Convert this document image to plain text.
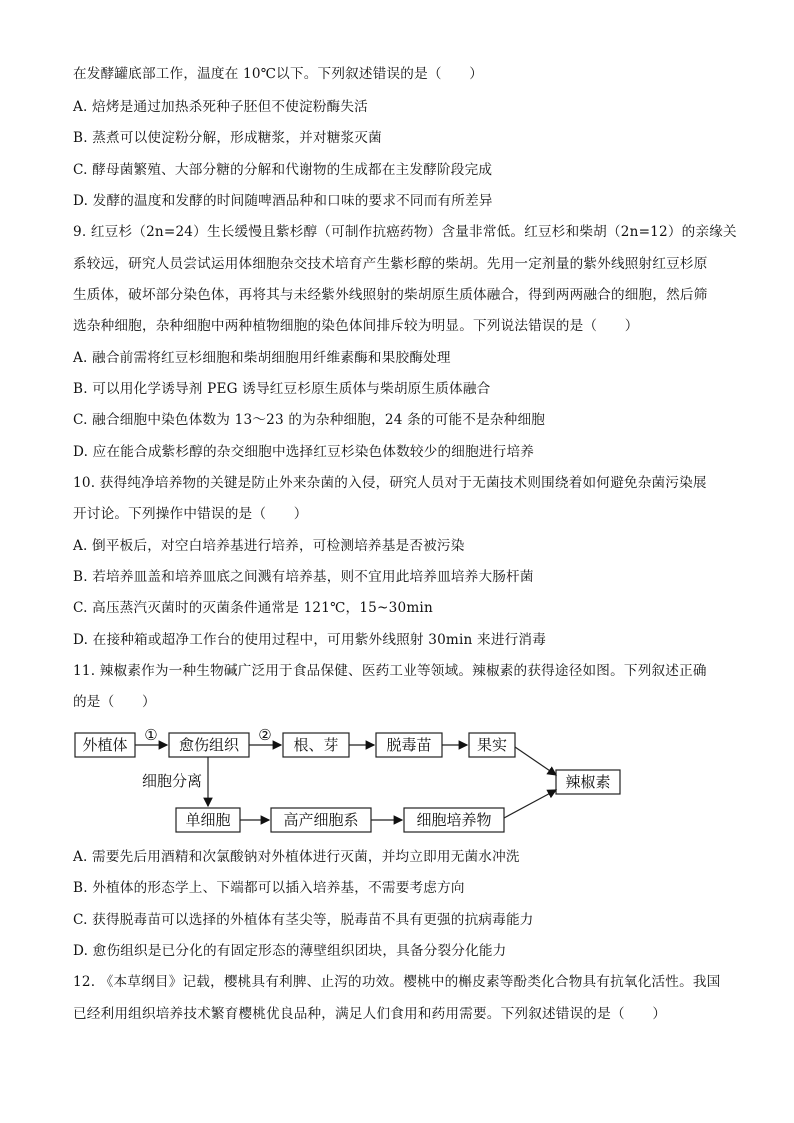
在发酵罐底部工作，温度在 10℃以下。下列叙述错误的是（　　）
A. 焙烤是通过加热杀死种子胚但不使淀粉酶失活
B. 蒸煮可以使淀粉分解，形成糖浆，并对糖浆灭菌
C. 酵母菌繁殖、大部分糖的分解和代谢物的生成都在主发酵阶段完成
D. 发酵的温度和发酵的时间随啤酒品种和口味的要求不同而有所差异
9. 红豆杉（2n=24）生长缓慢且紫杉醇（可制作抗癌药物）含量非常低。红豆杉和柴胡（2n=12）的亲缘关
系较远，研究人员尝试运用体细胞杂交技术培育产生紫杉醇的柴胡。先用一定剂量的紫外线照射红豆杉原
生质体，破坏部分染色体，再将其与未经紫外线照射的柴胡原生质体融合，得到两两融合的细胞，然后筛
选杂种细胞，杂种细胞中两种植物细胞的染色体间排斥较为明显。下列说法错误的是（　　）
A. 融合前需将红豆杉细胞和柴胡细胞用纤维素酶和果胶酶处理
B. 可以用化学诱导剂 PEG 诱导红豆杉原生质体与柴胡原生质体融合
C. 融合细胞中染色体数为 13～23 的为杂种细胞，24 条的可能不是杂种细胞
D. 应在能合成紫杉醇的杂交细胞中选择红豆杉染色体数较少的细胞进行培养
10. 获得纯净培养物的关键是防止外来杂菌的入侵，研究人员对于无菌技术则围绕着如何避免杂菌污染展
开讨论。下列操作中错误的是（　　）
A. 倒平板后，对空白培养基进行培养，可检测培养基是否被污染
B. 若培养皿盖和培养皿底之间溅有培养基，则不宜用此培养皿培养大肠杆菌
C. 高压蒸汽灭菌时的灭菌条件通常是 121℃，15~30min
D. 在接种箱或超净工作台的使用过程中，可用紫外线照射 30min 来进行消毒
11. 辣椒素作为一种生物碱广泛用于食品保健、医药工业等领域。辣椒素的获得途径如图。下列叙述正确
的是（　　）
外植体	愈伤组织	根、芽	脱毒苗	果实
辣椒素
单细胞	高产细胞系	细胞培养物
①	②
细胞分离
A. 需要先后用酒精和次氯酸钠对外植体进行灭菌，并均立即用无菌水冲洗
B. 外植体的形态学上、下端都可以插入培养基，不需要考虑方向
C. 获得脱毒苗可以选择的外植体有茎尖等，脱毒苗不具有更强的抗病毒能力
D. 愈伤组织是已分化的有固定形态的薄壁组织团块，具备分裂分化能力
12. 《本草纲目》记载，樱桃具有利脾、止泻的功效。樱桃中的槲皮素等酚类化合物具有抗氧化活性。我国
已经利用组织培养技术繁育樱桃优良品种，满足人们食用和药用需要。下列叙述错误的是（　　）
